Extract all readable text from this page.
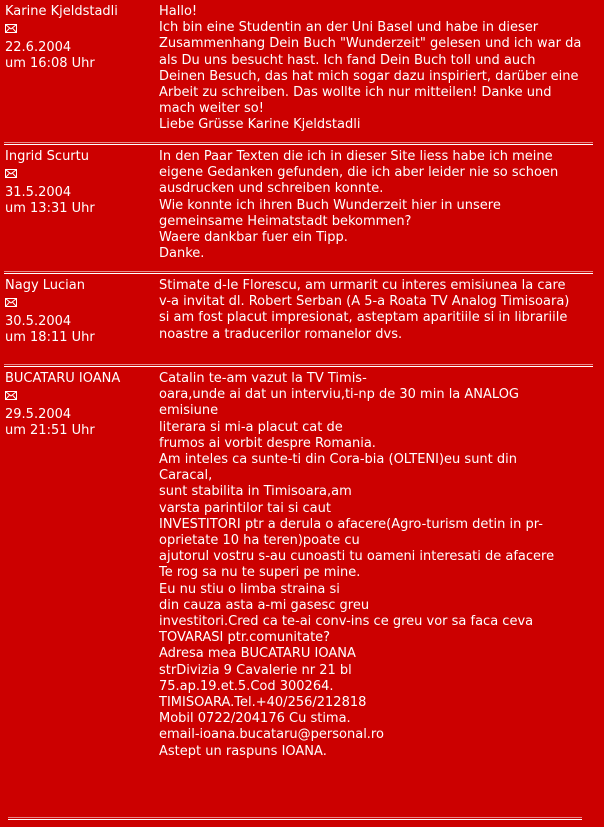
Karine Kjeldstadli
22.6.2004
um 16:08 Uhr
Hallo!
Ich bin eine Studentin an der Uni Basel und habe in dieser
Zusammenhang Dein Buch "Wunderzeit" gelesen und ich war da
als Du uns besucht hast. Ich fand Dein Buch toll und auch
Deinen Besuch, das hat mich sogar dazu inspiriert, darüber eine
Arbeit zu schreiben. Das wollte ich nur mitteilen! Danke und
mach weiter so!
Liebe Grüsse Karine Kjeldstadli
Ingrid Scurtu
31.5.2004
um 13:31 Uhr
In den Paar Texten die ich in dieser Site liess habe ich meine
eigene Gedanken gefunden, die ich aber leider nie so schoen
ausdrucken und schreiben konnte.
Wie konnte ich ihren Buch Wunderzeit hier in unsere
gemeinsame Heimatstadt bekommen?
Waere dankbar fuer ein Tipp.
Danke.
Nagy Lucian
30.5.2004
um 18:11 Uhr
Stimate d-le Florescu, am urmarit cu interes emisiunea la care
v-a invitat dl. Robert Serban (A 5-a Roata TV Analog Timisoara)
si am fost placut impresionat, asteptam aparitiile si in librariile
noastre a traducerilor romanelor dvs.
BUCATARU IOANA
29.5.2004
um 21:51 Uhr
Catalin te-am vazut la TV Timis-
oara,unde ai dat un interviu,ti-np de 30 min la ANALOG
emisiune
literara si mi-a placut cat de
frumos ai vorbit despre Romania.
Am inteles ca sunte-ti din Cora-bia (OLTENI)eu sunt din
Caracal,
sunt stabilita in Timisoara,am
varsta parintilor tai si caut
INVESTITORI ptr a derula o afacere(Agro-turism detin in pr-
oprietate 10 ha teren)poate cu
ajutorul vostru s-au cunoasti tu oameni interesati de afacere
Te rog sa nu te superi pe mine.
Eu nu stiu o limba straina si
din cauza asta a-mi gasesc greu
investitori.Cred ca te-ai conv-ins ce greu vor sa faca ceva
TOVARASI ptr.comunitate?
Adresa mea BUCATARU IOANA
strDivizia 9 Cavalerie nr 21 bl
75.ap.19.et.5.Cod 300264.
TIMISOARA.Tel.+40/256/212818
Mobil 0722/204176 Cu stima.
email-ioana.bucataru@personal.ro
Astept un raspuns IOANA.
